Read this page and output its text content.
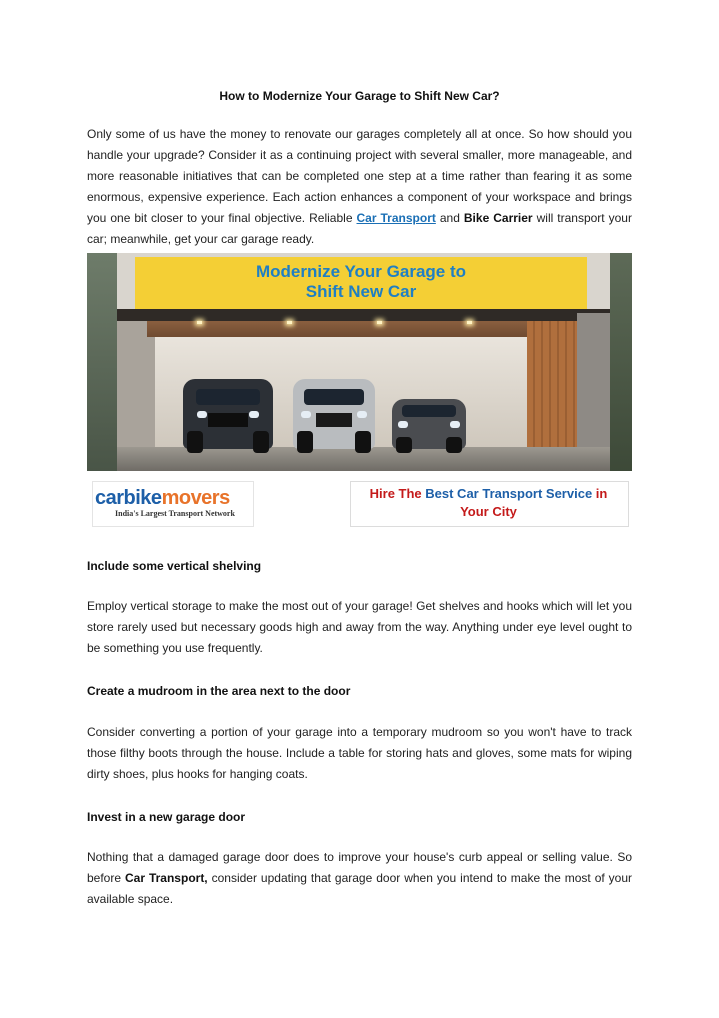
How to Modernize Your Garage to Shift New Car?
Only some of us have the money to renovate our garages completely all at once. So how should you
handle your upgrade? Consider it as a continuing project with several smaller, more manageable, and
more reasonable initiatives that can be completed one step at a time rather than fearing it as some
enormous, expensive experience. Each action enhances a component of your workspace and brings
you one bit closer to your final objective. Reliable Car Transport and Bike Carrier will transport your
car; meanwhile, get your car garage ready.
Modernize Your Garage to
Shift New Car
carbikemovers
India's Largest Transport Network
Hire The Best Car Transport Service in
Your City
Include some vertical shelving
Employ vertical storage to make the most out of your garage! Get shelves and hooks which will let you
store rarely used but necessary goods high and away from the way. Anything under eye level ought to
be something you use frequently.
Create a mudroom in the area next to the door
Consider converting a portion of your garage into a temporary mudroom so you won't have to track
those filthy boots through the house. Include a table for storing hats and gloves, some mats for wiping
dirty shoes, plus hooks for hanging coats.
Invest in a new garage door
Nothing that a damaged garage door does to improve your house's curb appeal or selling value. So
before Car Transport, consider updating that garage door when you intend to make the most of your
available space.
